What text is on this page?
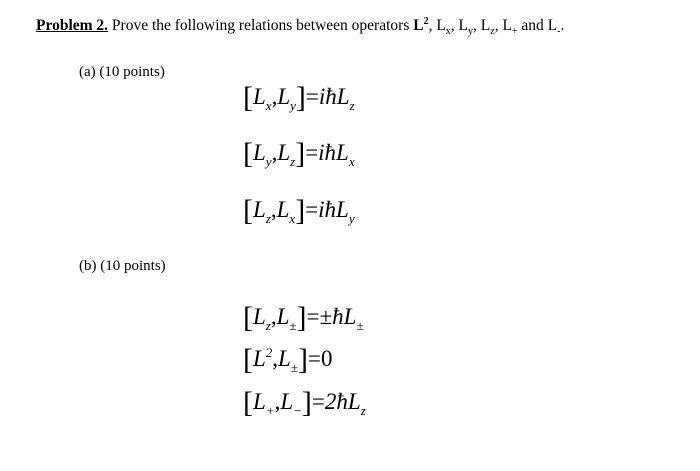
Problem 2. Prove the following relations between operators $L^2$, $L_x$, $L_y$, $L_z$, $L_+$ and $L_-$.
(a) (10 points)
$[L_x,L_y]=iħL_z$
$[L_y,L_z]=iħL_x$
$[L_z,L_x]=iħL_y$
(b) (10 points)
$[L_z,L_\pm]=\pm ħL_\pm$
$[L^2,L_\pm]=0$
$[L_+,L_-]=2ħL_z$
